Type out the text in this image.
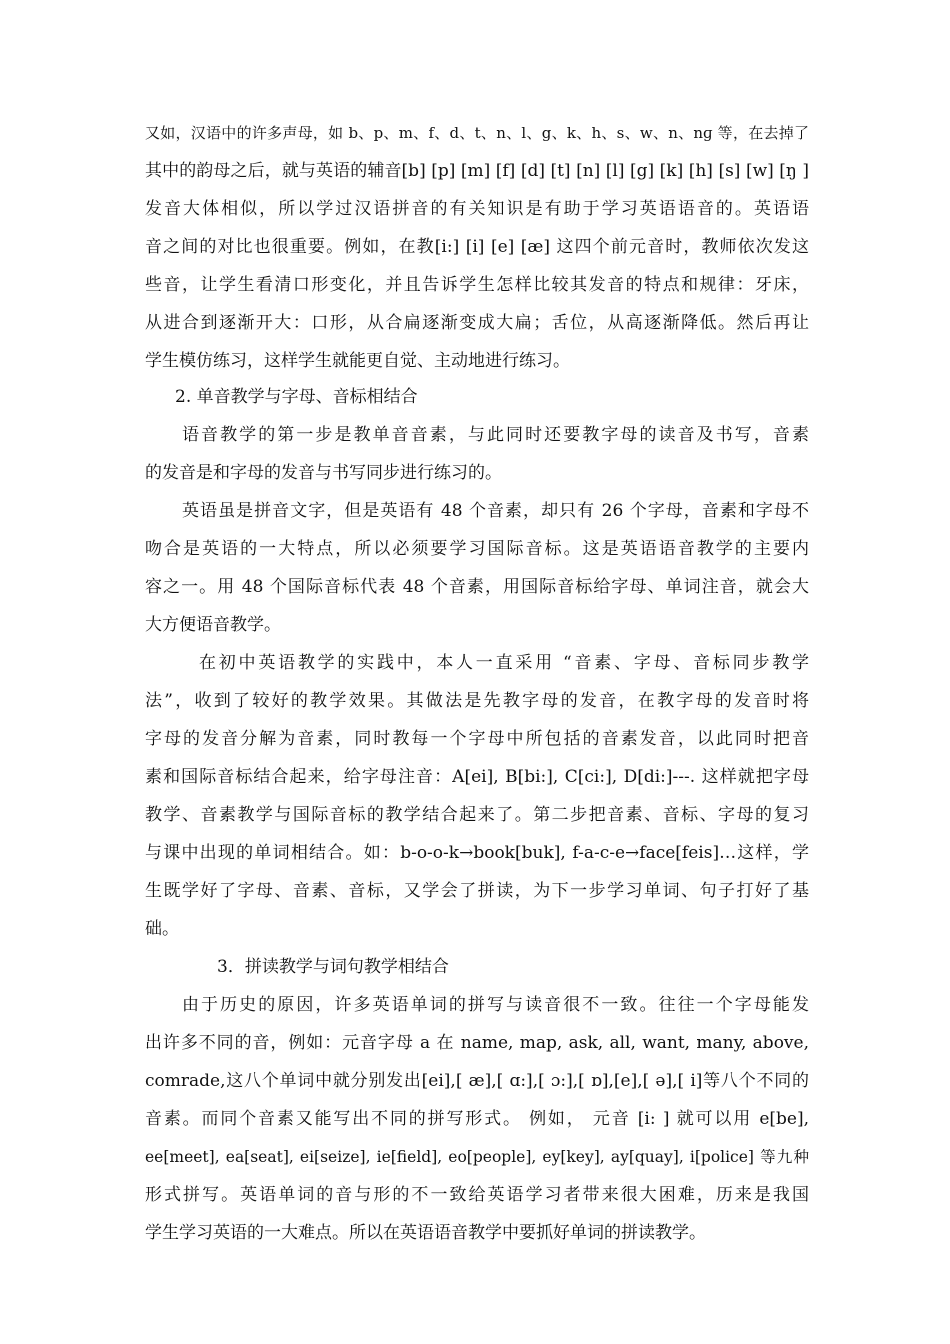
又如，汉语中的许多声母，如 b、p、m、f、d、t、n、l、g、k、h、s、w、n、nɡ 等，在去掉了
其中的韵母之后，就与英语的辅音[b] [p] [m] [f] [d] [t] [n] [l] [g] [k] [h] [s] [w] [ŋ ]
发音大体相似，所以学过汉语拼音的有关知识是有助于学习英语语音的。英语语
音之间的对比也很重要。例如，在教[i:] [i] [e] [æ] 这四个前元音时，教师依次发这
些音，让学生看清口形变化，并且告诉学生怎样比较其发音的特点和规律：牙床，
从进合到逐渐开大：口形，从合扁逐渐变成大扁；舌位，从高逐渐降低。然后再让
学生模仿练习，这样学生就能更自觉、主动地进行练习。
2. 单音教学与字母、音标相结合
语音教学的第一步是教单音音素，与此同时还要教字母的读音及书写，音素
的发音是和字母的发音与书写同步进行练习的。
英语虽是拼音文字，但是英语有 48 个音素，却只有 26 个字母，音素和字母不
吻合是英语的一大特点，所以必须要学习国际音标。这是英语语音教学的主要内
容之一。用 48 个国际音标代表 48 个音素，用国际音标给字母、单词注音，就会大
大方便语音教学。
在初中英语教学的实践中，本人一直采用 “音素、字母、音标同步教学
法”，收到了较好的教学效果。其做法是先教字母的发音，在教字母的发音时将
字母的发音分解为音素，同时教每一个字母中所包括的音素发音，以此同时把音
素和国际音标结合起来，给字母注音：A[ei], B[bi:], C[ci:], D[di:]---. 这样就把字母
教学、音素教学与国际音标的教学结合起来了。第二步把音素、音标、字母的复习
与课中出现的单词相结合。如：b-o-o-k→book[buk], f-a-c-e→face[feis]…这样，学
生既学好了字母、音素、音标，又学会了拼读，为下一步学习单词、句子打好了基
础。
3．拼读教学与词句教学相结合
由于历史的原因，许多英语单词的拼写与读音很不一致。往往一个字母能发
出许多不同的音，例如：元音字母 a 在 name, map, ask, all, want, many, above,
comrade,这八个单词中就分别发出[ei],[ æ],[ ɑ:],[ ɔ:],[ ɒ],[e],[ ə],[ i]等八个不同的
音素。而同个音素又能写出不同的拼写形式。 例如， 元音 [i: ] 就可以用 e[be],
ee[meet], ea[seat], ei[seize], ie[field], eo[people], ey[key], ay[quay], i[police] 等九种
形式拼写。英语单词的音与形的不一致给英语学习者带来很大困难，历来是我国
学生学习英语的一大难点。所以在英语语音教学中要抓好单词的拼读教学。
